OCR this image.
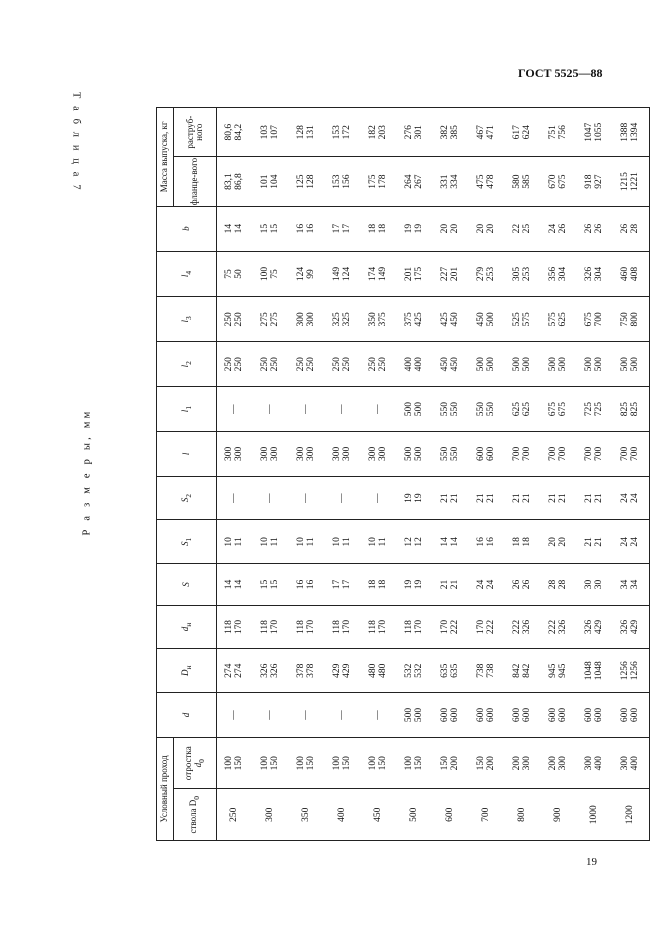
ГОСТ 5525—88
Т а б л и ц а 7
Р а з м е р ы, мм
Условный проход		d	$D_н$	$d_н$	S	$S_1$	$S_2$	l	$l_1$	$l_2$	$l_3$	$l_4$	b	Масса выпуска, кг	
ствола $D_0$	отростка $d_0$													фланце-вого	раструб-ного
250	100 150	—	274 274	118 170	14 14	10 11	—	300 300	—	250 250	250 250	75 50	14 14	83,1 86,8	80,6 84,2

300	100 150	—	326 326	118 170	15 15	10 11	—	300 300	—	250 250	275 275	100 75	15 15	101 104	103 107

350	100 150	—	378 378	118 170	16 16	10 11	—	300 300	—	250 250	300 300	124 99	16 16	125 128	128 131

400	100 150	—	429 429	118 170	17 17	10 11	—	300 300	—	250 250	325 325	149 124	17 17	153 156	153 172

450	100 150	—	480 480	118 170	18 18	10 11	—	300 300	—	250 250	350 375	174 149	18 18	175 178	182 203

500	100 150	500 500	532 532	118 170	19 19	12 12	19 19	500 500	500 500	400 400	375 425	201 175	19 19	264 267	276 301

600	150 200	600 600	635 635	170 222	21 21	14 14	21 21	550 550	550 550	450 450	425 450	227 201	20 20	331 334	382 385

700	150 200	600 600	738 738	170 222	24 24	16 16	21 21	600 600	550 550	500 500	450 500	279 253	20 20	475 478	467 471

800	200 300	600 600	842 842	222 326	26 26	18 18	21 21	700 700	625 625	500 500	525 575	305 253	22 25	580 585	617 624

900	200 300	600 600	945 945	222 326	28 28	20 20	21 21	700 700	675 675	500 500	575 625	356 304	24 26	670 675	751 756

1000	300 400	600 600	1048 1048	326 429	30 30	21 21	21 21	700 700	725 725	500 500	675 700	326 304	26 26	918 927	1047 1055

1200	300 400	600 600	1256 1256	326 429	34 34	24 24	24 24	700 700	825 825	500 500	750 800	460 408	26 28	1215 1221	1388 1394
19
